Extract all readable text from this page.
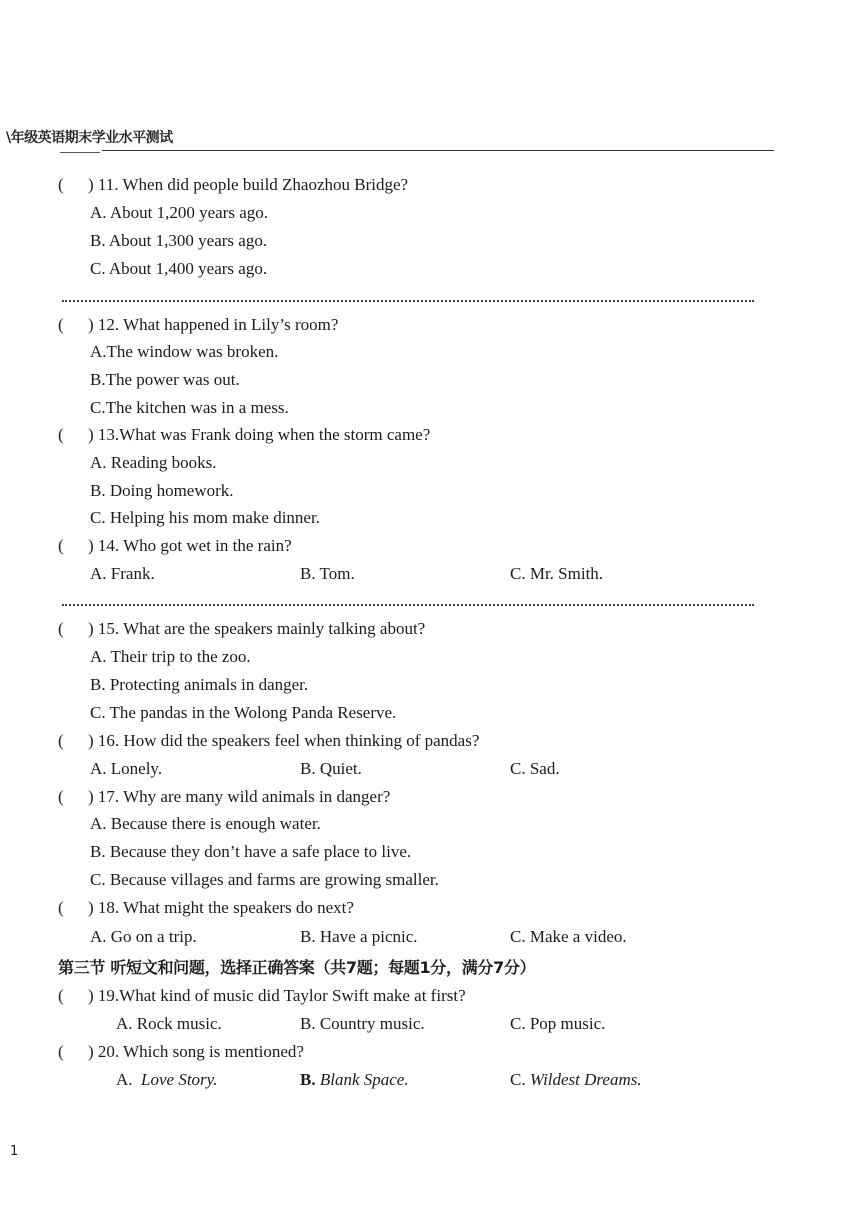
\年级英语期末学业水平测试
( ) 11. When did people build Zhaozhou Bridge?
A. About 1,200 years ago.
B. About 1,300 years ago.
C. About 1,400 years ago.
( ) 12. What happened in Lily’s room?
A.The window was broken.
B.The power was out.
C.The kitchen was in a mess.
( ) 13.What was Frank doing when the storm came?
A. Reading books.
B. Doing homework.
C. Helping his mom make dinner.
( ) 14. Who got wet in the rain?
A. Frank.	B. Tom.	C. Mr. Smith.
( ) 15. What are the speakers mainly talking about?
A. Their trip to the zoo.
B. Protecting animals in danger.
C. The pandas in the Wolong Panda Reserve.
( ) 16. How did the speakers feel when thinking of pandas?
A. Lonely.	B. Quiet.	C. Sad.
( ) 17. Why are many wild animals in danger?
A. Because there is enough water.
B. Because they don’t have a safe place to live.
C. Because villages and farms are growing smaller.
( ) 18. What might the speakers do next?
A. Go on a trip.	B. Have a picnic.	C. Make a video.
第三节 听短文和问题，选择正确答案（共7题；每题1分，满分7分）
( ) 19.What kind of music did Taylor Swift make at first?
A. Rock music.	B. Country music.	C. Pop music.
( ) 20. Which song is mentioned?
A. Love Story.	B. Blank Space.	C. Wildest Dreams.
1
